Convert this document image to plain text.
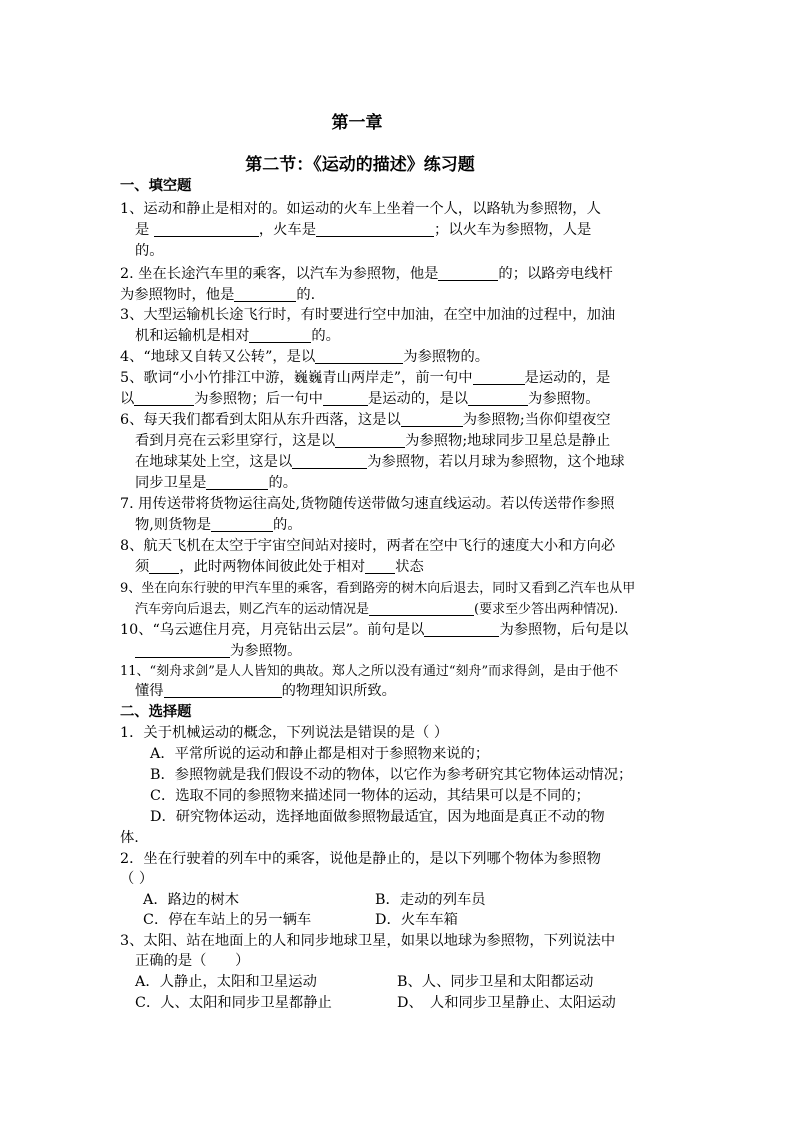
第一章
第二节：《运动的描述》练习题
一、填空题
1、运动和静止是相对的。如运动的火车上坐着一个人，以路轨为参照物，人
是	，火车是	；以火车为参照物，人是
的。
2. 坐在长途汽车里的乘客，以汽车为参照物，他是	的；以路旁电线杆
为参照物时，他是	的.
3、大型运输机长途飞行时，有时要进行空中加油，在空中加油的过程中，加油
机和运输机是相对	的。
4、“地球又自转又公转”，是以	为参照物的。
5、歌词“小小竹排江中游，巍巍青山两岸走”，前一句中	是运动的，是
以	为参照物；后一句中	是运动的，是以	为参照物。
6、每天我们都看到太阳从东升西落，这是以	为参照物;当你仰望夜空
看到月亮在云彩里穿行，这是以	为参照物;地球同步卫星总是静止
在地球某处上空，这是以	为参照物，若以月球为参照物，这个地球
同步卫星是	的。
7. 用传送带将货物运往高处,货物随传送带做匀速直线运动。若以传送带作参照
物,则货物是	的。
8、航天飞机在太空于宇宙空间站对接时，两者在空中飞行的速度大小和方向必
须 ，此时两物体间彼此处于相对 状态
9、坐在向东行驶的甲汽车里的乘客，看到路旁的树木向后退去，同时又看到乙汽车也从甲
汽车旁向后退去，则乙汽车的运动情况是	(要求至少答出两种情况).
10、“乌云遮住月亮，月亮钻出云层”。前句是以	为参照物，后句是以
为参照物。
11、“刻舟求剑”是人人皆知的典故。郑人之所以没有通过“刻舟”而求得剑，是由于他不
懂得	的物理知识所致。
二、选择题
1．关于机械运动的概念，下列说法是错误的是（ ）
A．平常所说的运动和静止都是相对于参照物来说的；
B．参照物就是我们假设不动的物体，以它作为参考研究其它物体运动情况；
C．选取不同的参照物来描述同一物体的运动，其结果可以是不同的；
D．研究物体运动，选择地面做参照物最适宜，因为地面是真正不动的物
体.
2．坐在行驶着的列车中的乘客，说他是静止的，是以下列哪个物体为参照物
（ ）
A．路边的树木	B．走动的列车员
C．停在车站上的另一辆车	D．火车车箱
3、太阳、站在地面上的人和同步地球卫星，如果以地球为参照物，下列说法中
正确的是（　　）
A．人静止，太阳和卫星运动	B、人、同步卫星和太阳都运动
C．人、太阳和同步卫星都静止	D、　人和同步卫星静止、太阳运动
